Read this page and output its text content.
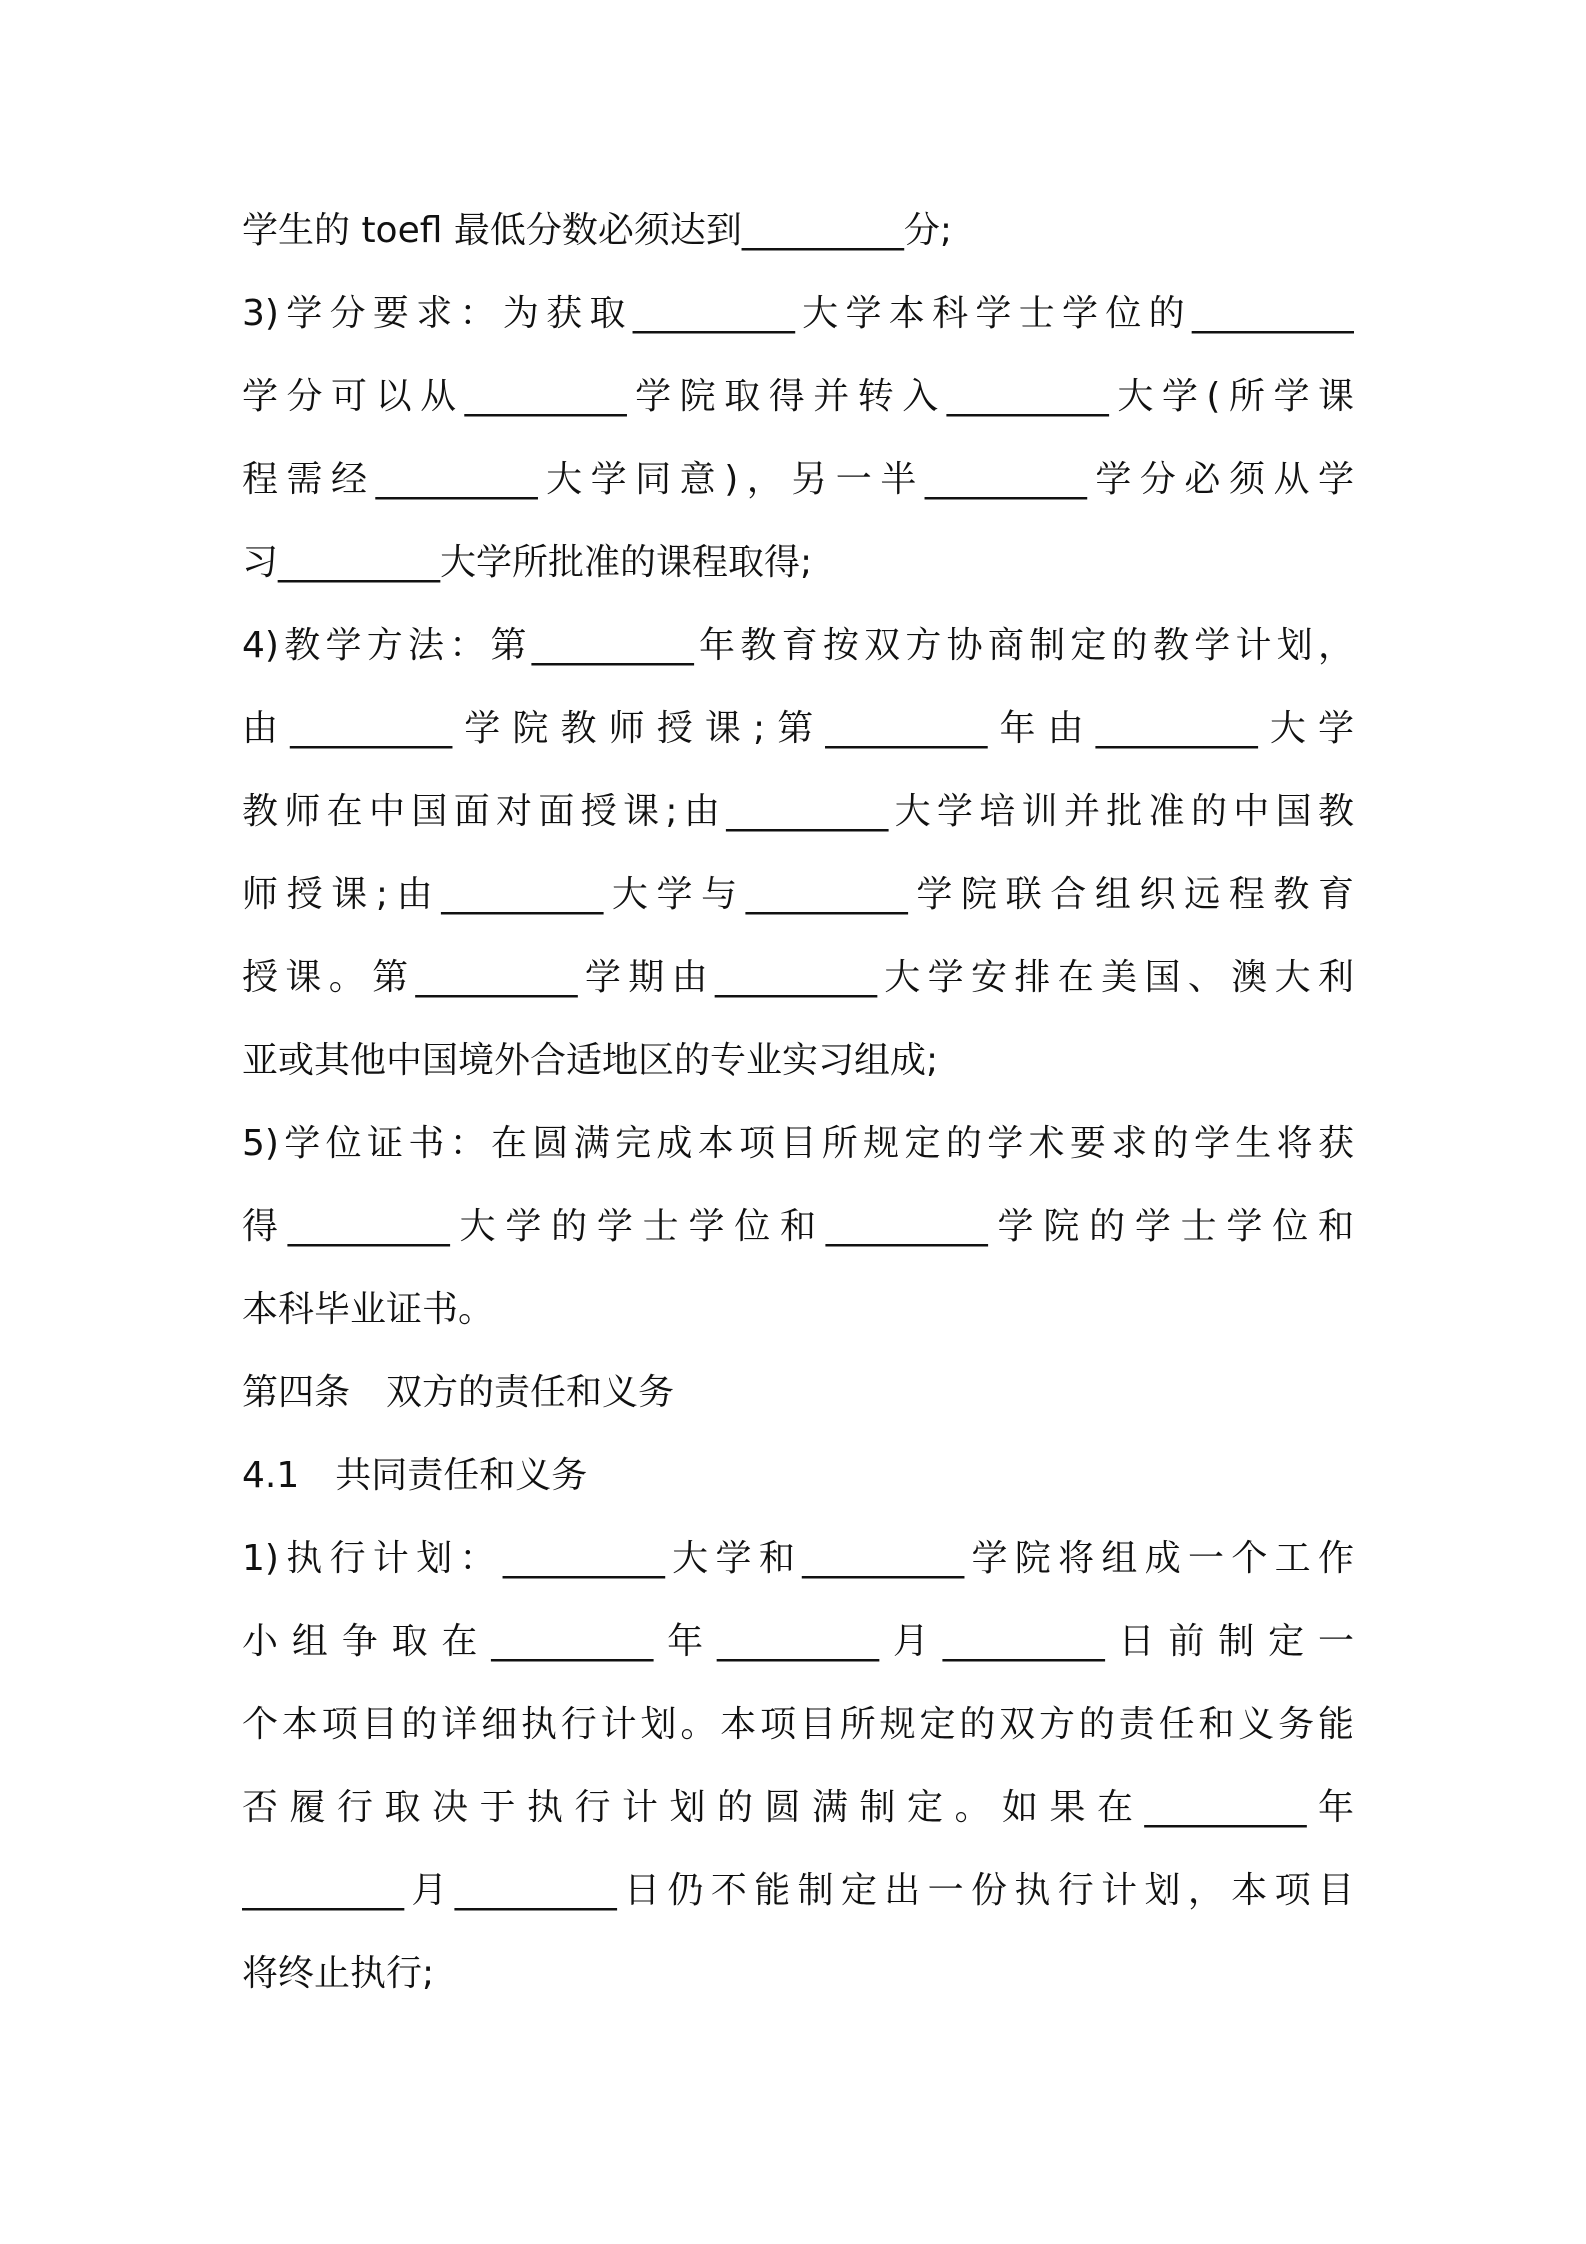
学生的 toefl 最低分数必须达到_________分;
3)学分要求：为获取_________大学本科学士学位的_________
学分可以从_________学院取得并转入_________大学(所学课
程需经_________大学同意)，另一半_________学分必须从学
习_________大学所批准的课程取得;
4)教学方法：第_________年教育按双方协商制定的教学计划，
由_________学院教师授课;第_________年由_________大学
教师在中国面对面授课;由_________大学培训并批准的中国教
师授课;由_________大学与_________学院联合组织远程教育
授课。第_________学期由_________大学安排在美国、澳大利
亚或其他中国境外合适地区的专业实习组成;
5)学位证书：在圆满完成本项目所规定的学术要求的学生将获
得_________大学的学士学位和_________学院的学士学位和
本科毕业证书。
第四条　双方的责任和义务
4.1　共同责任和义务
1)执行计划：_________大学和_________学院将组成一个工作
小组争取在_________年_________月_________日前制定一
个本项目的详细执行计划。本项目所规定的双方的责任和义务能
否履行取决于执行计划的圆满制定。如果在_________年
_________月_________日仍不能制定出一份执行计划，本项目
将终止执行;
